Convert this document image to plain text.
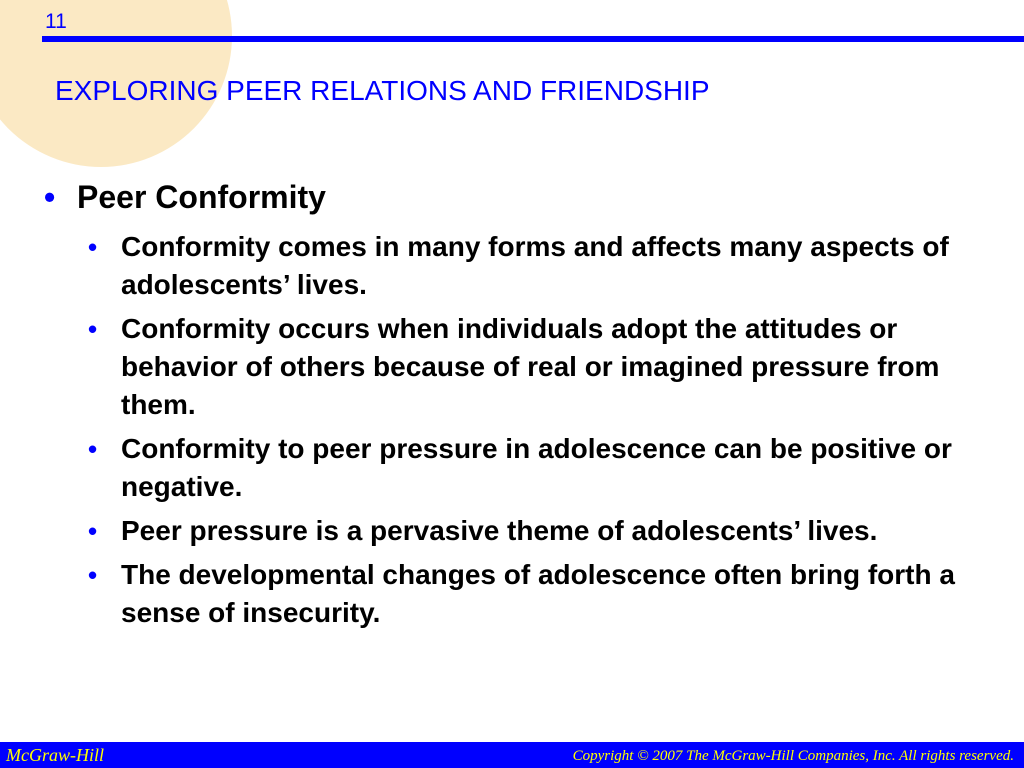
11
EXPLORING PEER RELATIONS AND FRIENDSHIP
• Peer Conformity
• Conformity comes in many forms and affects many aspects of adolescents’ lives.
• Conformity occurs when individuals adopt the attitudes or behavior of others because of real or imagined pressure from them.
• Conformity to peer pressure in adolescence can be positive or negative.
• Peer pressure is a pervasive theme of adolescents’ lives.
• The developmental changes of adolescence often bring forth a sense of insecurity.
McGraw-Hill	Copyright © 2007 The McGraw-Hill Companies, Inc. All rights reserved.
